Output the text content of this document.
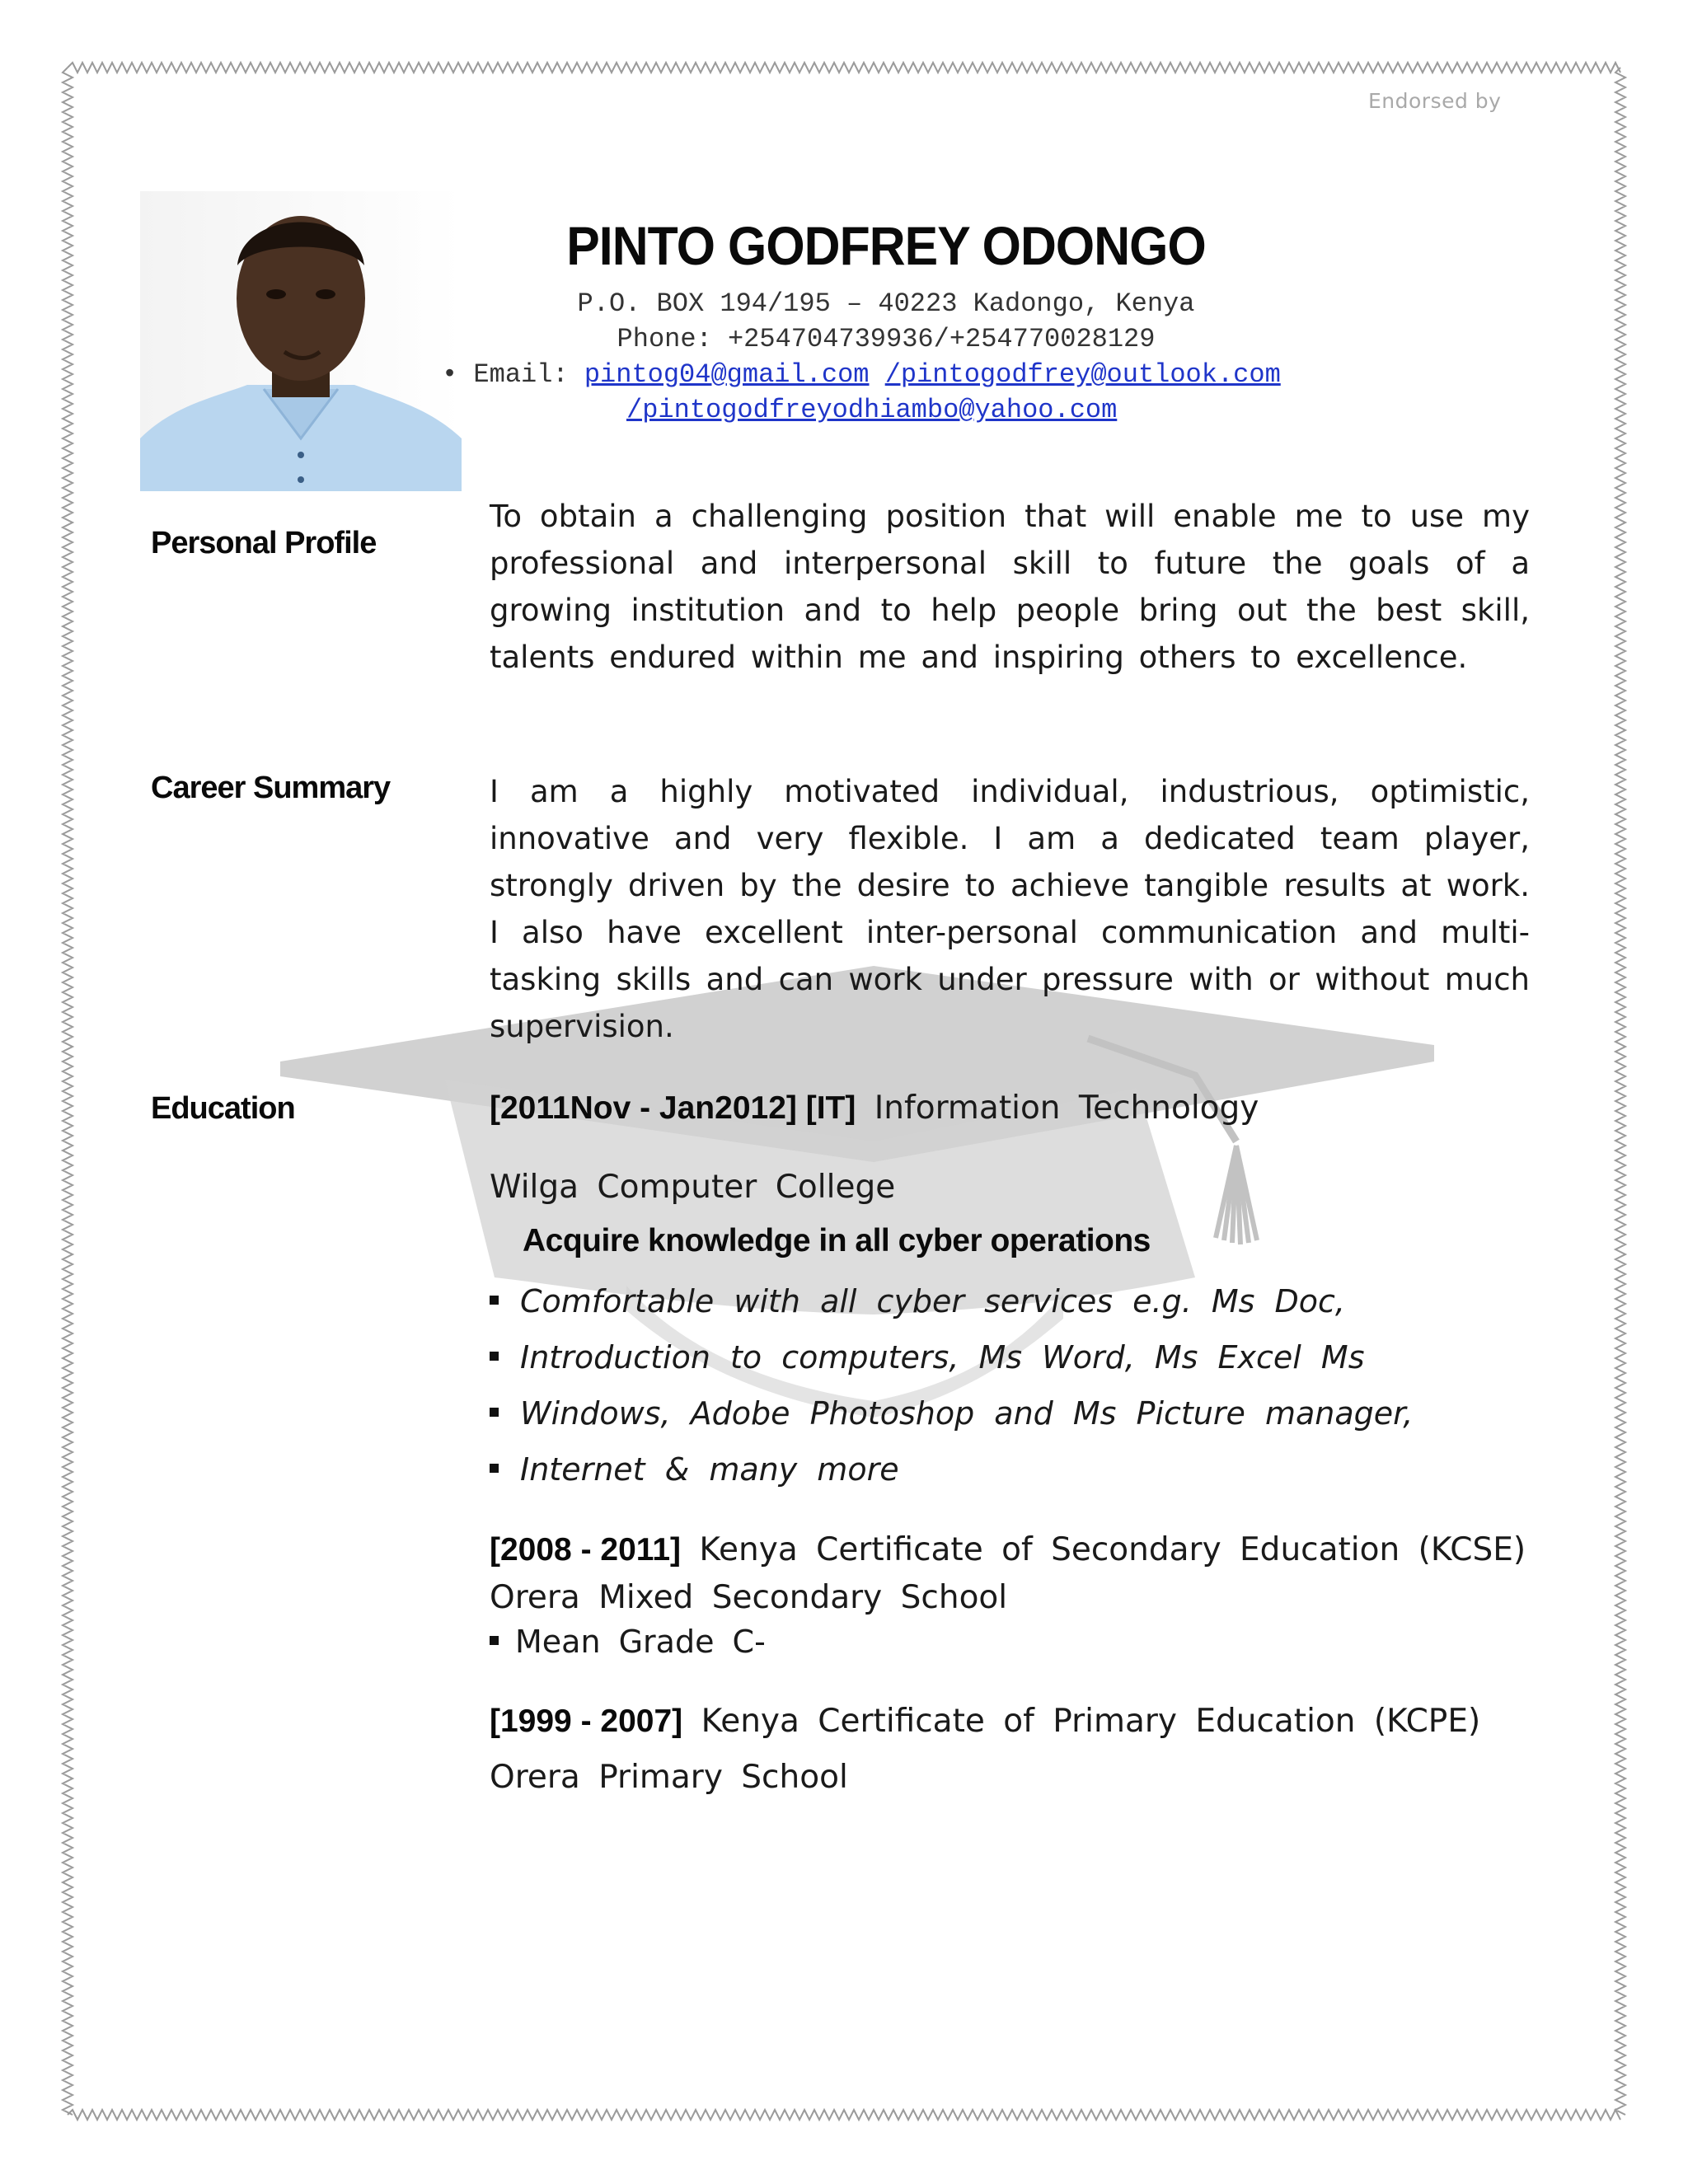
Endorsed by
PINTO GODFREY ODONGO
P.O. BOX 194/195 – 40223 Kadongo, Kenya
Phone: +254704739936/+254770028129
• Email: pintog04@gmail.com /pintogodfrey@outlook.com
/pintogodfreyodhiambo@yahoo.com
Personal Profile
To obtain a challenging position that will enable me to use my professional and interpersonal skill to future the goals of a growing institution and to help people bring out the best skill, talents endured within me and inspiring others to excellence.
Career Summary	I am a highly motivated individual, industrious, optimistic, innovative and very flexible. I am a dedicated team player, strongly driven by the desire to achieve tangible results at work. I also have excellent inter-personal communication and multi-tasking skills and can work under pressure with or without much supervision.
Education	[2011Nov - Jan2012] [IT] Information Technology
Wilga Computer College
Acquire knowledge in all cyber operations
Comfortable with all cyber services e.g. Ms Doc,
Introduction to computers, Ms Word, Ms Excel Ms
Windows, Adobe Photoshop and Ms Picture manager,
Internet & many more
[2008 - 2011] Kenya Certificate of Secondary Education (KCSE)
Orera Mixed Secondary School
Mean Grade C-
[1999 - 2007] Kenya Certificate of Primary Education (KCPE)
Orera Primary School
